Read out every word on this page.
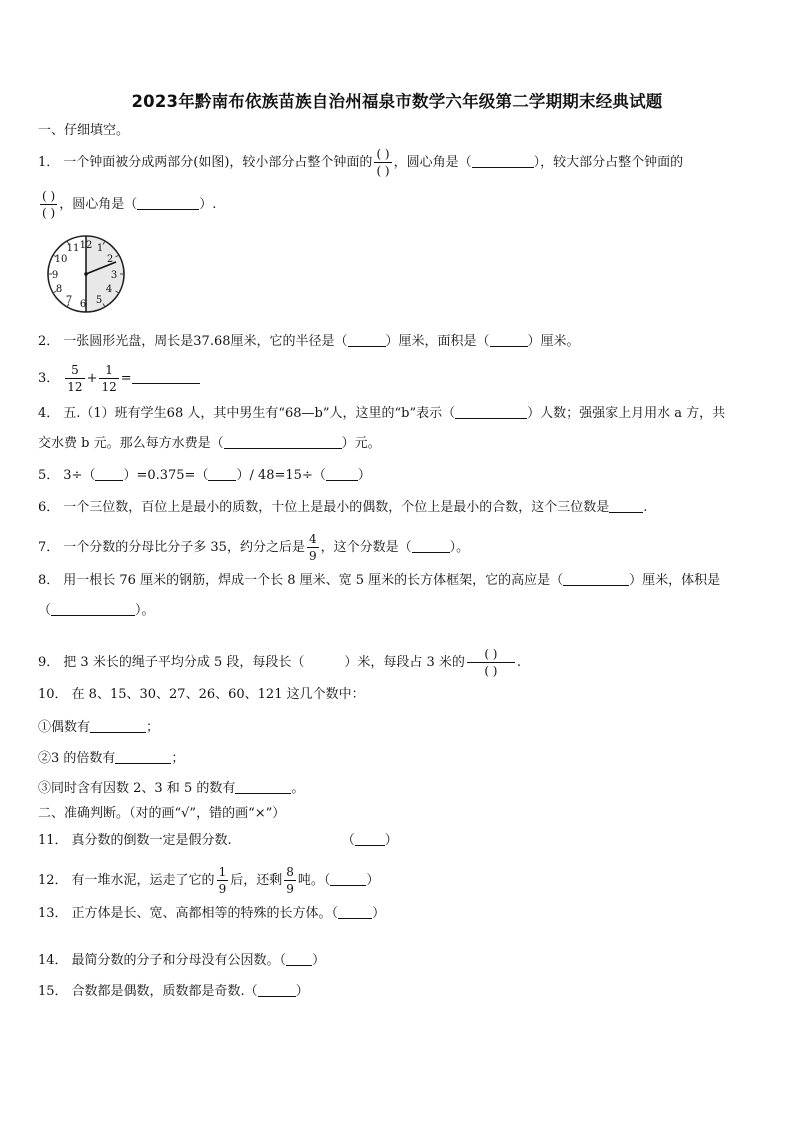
2023年黔南布依族苗族自治州福泉市数学六年级第二学期期末经典试题
一、仔细填空。
1． 一个钟面被分成两部分(如图)，较小部分占整个钟面的 $\frac{( )}{( )}$ ，圆心角是（	），较大部分占整个钟面的
$\frac{( )}{( )}$ ，圆心角是（	）.
12 1
2
3
4
5
6
7
8
9
10
11
2． 一张圆形光盘，周长是37.68厘米，它的半径是（	）厘米，面积是（	）厘米。
3． $\frac{5}{12} + \frac{1}{12}$ =
4． 五.（1）班有学生68 人，其中男生有“68—b”人，这里的“b”表示（	）人数；强强家上月用水 a 方，共
交水费 b 元。那么每方水费是（	）元。
5． 3÷（ ）=0.375=（ ）/ 48=15÷（ ）
6． 一个三位数，百位上是最小的质数，十位上是最小的偶数，个位上是最小的合数，这个三位数是	.
7． 一个分数的分母比分子多 35，约分之后是 $\frac{4}{9}$ ，这个分数是（	）。
8． 用一根长 76 厘米的钢筋，焊成一个长 8 厘米、宽 5 厘米的长方体框架，它的高应是（	）厘米，体积是
（	）。
9． 把 3 米长的绳子平均分成 5 段，每段长（	）米，每段占 3 米的 $\frac{( )}{( )}$ .
10． 在 8、15、30、27、26、60、121 这几个数中：
①偶数有	；
②3 的倍数有	；
③同时含有因数 2、3 和 5 的数有	。
二、准确判断。（对的画“√”，错的画“×”）
11． 真分数的倒数一定是假分数.	（ ）
12． 有一堆水泥，运走了它的 $\frac{1}{9}$ 后，还剩 $\frac{8}{9}$ 吨。（	）
13． 正方体是长、宽、高都相等的特殊的长方体。（	）
14． 最简分数的分子和分母没有公因数。（ ）
15． 合数都是偶数，质数都是奇数.（	）
